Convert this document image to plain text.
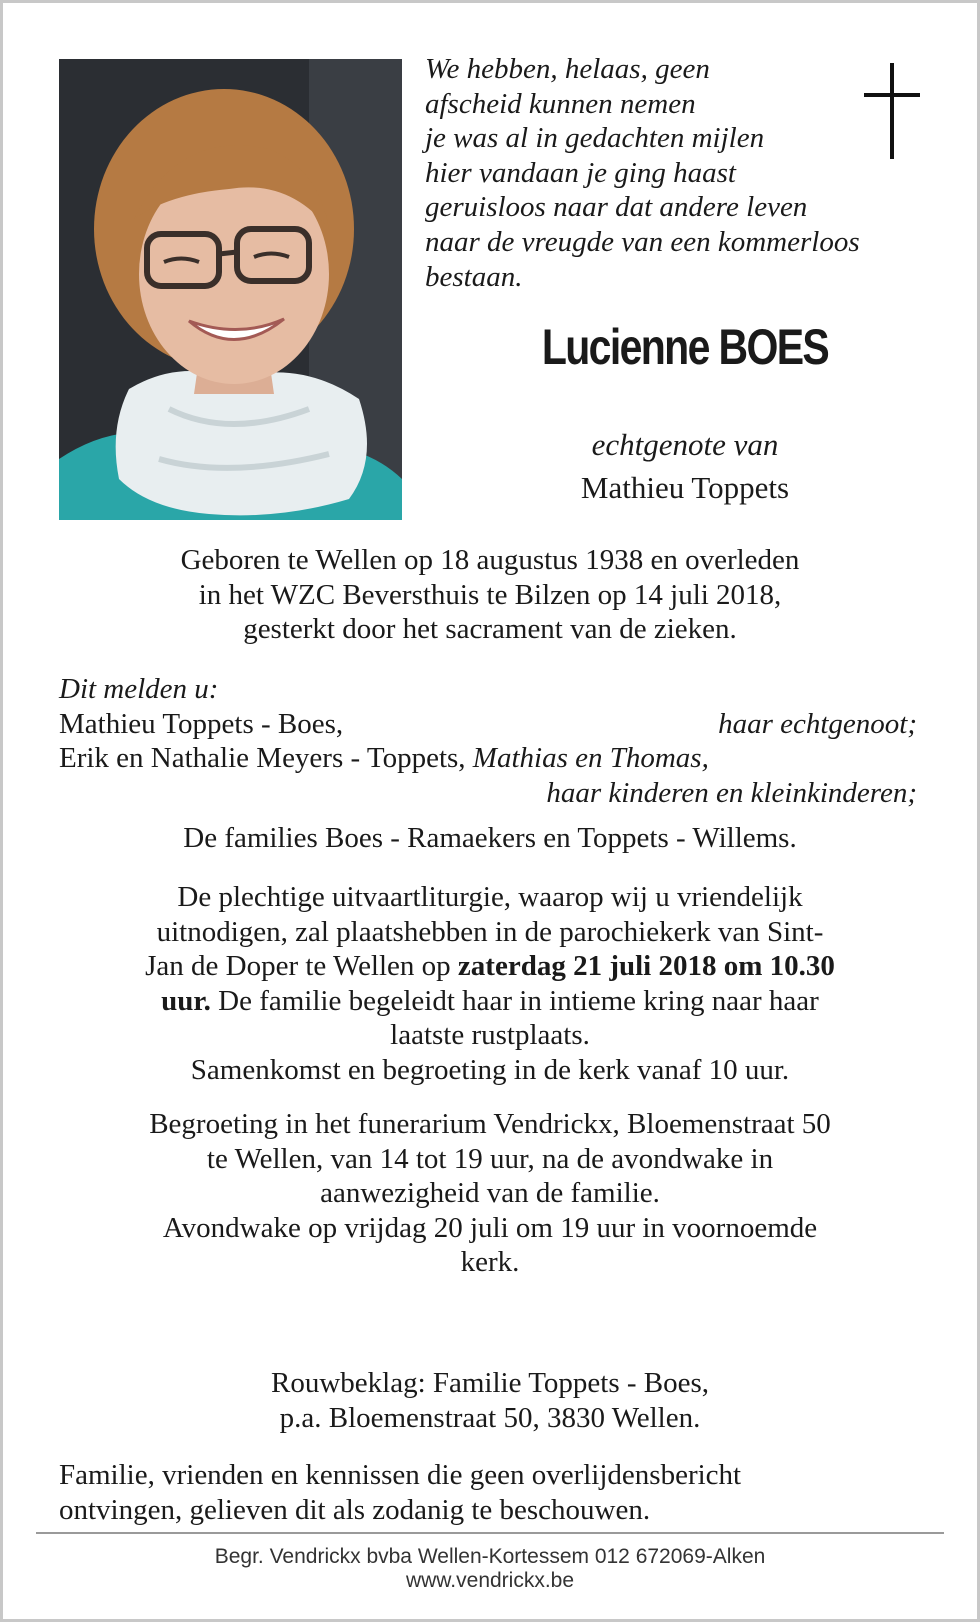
We hebben, helaas, geen
afscheid kunnen nemen
je was al in gedachten mijlen
hier vandaan je ging haast
geruisloos naar dat andere leven
naar de vreugde van een kommerloos
bestaan.
Lucienne BOES
echtgenote van
Mathieu Toppets
Geboren te Wellen op 18 augustus 1938 en overleden
in het WZC Beversthuis te Bilzen op 14 juli 2018,
gesterkt door het sacrament van de zieken.
Dit melden u:
Mathieu Toppets - Boes,	haar echtgenoot;
Erik en Nathalie Meyers - Toppets, Mathias en Thomas,
haar kinderen en kleinkinderen;
De families Boes - Ramaekers en Toppets - Willems.
De plechtige uitvaartliturgie, waarop wij u vriendelijk
uitnodigen, zal plaatshebben in de parochiekerk van Sint-
Jan de Doper te Wellen op zaterdag 21 juli 2018 om 10.30
uur. De familie begeleidt haar in intieme kring naar haar
laatste rustplaats.
Samenkomst en begroeting in de kerk vanaf 10 uur.
Begroeting in het funerarium Vendrickx, Bloemenstraat 50
te Wellen, van 14 tot 19 uur, na de avondwake in
aanwezigheid van de familie.
Avondwake op vrijdag 20 juli om 19 uur in voornoemde
kerk.
Rouwbeklag: Familie Toppets - Boes,
p.a. Bloemenstraat 50, 3830 Wellen.
Familie, vrienden en kennissen die geen overlijdensbericht
ontvingen, gelieven dit als zodanig te beschouwen.
Begr. Vendrickx bvba Wellen-Kortessem 012 672069-Alken
www.vendrickx.be
